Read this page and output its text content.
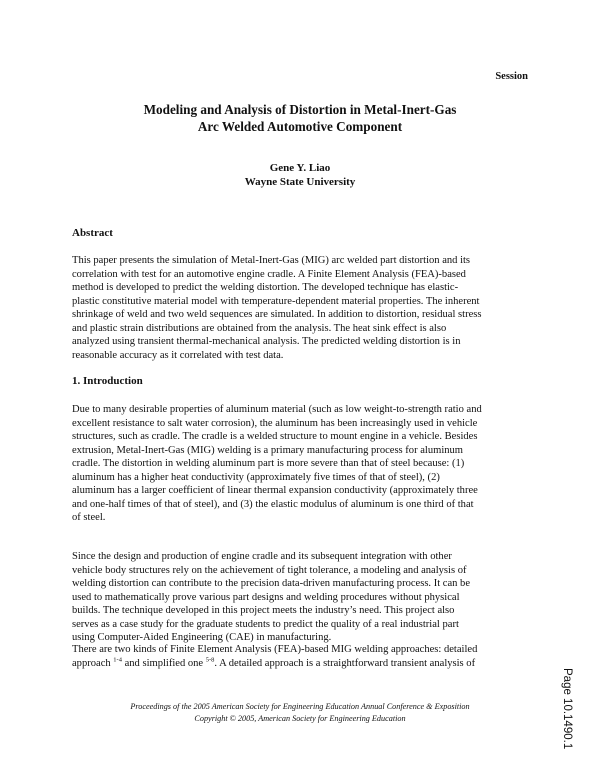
Session
Modeling and Analysis of Distortion in Metal-Inert-Gas
Arc Welded Automotive Component
Gene Y. Liao
Wayne State University
Abstract
This paper presents the simulation of Metal-Inert-Gas (MIG) arc welded part distortion and its
correlation with test for an automotive engine cradle. A Finite Element Analysis (FEA)-based
method is developed to predict the welding distortion. The developed technique has elastic-
plastic constitutive material model with temperature-dependent material properties. The inherent
shrinkage of weld and two weld sequences are simulated. In addition to distortion, residual stress
and plastic strain distributions are obtained from the analysis. The heat sink effect is also
analyzed using transient thermal-mechanical analysis. The predicted welding distortion is in
reasonable accuracy as it correlated with test data.
1. Introduction
Due to many desirable properties of aluminum material (such as low weight-to-strength ratio and
excellent resistance to salt water corrosion), the aluminum has been increasingly used in vehicle
structures, such as cradle. The cradle is a welded structure to mount engine in a vehicle. Besides
extrusion, Metal-Inert-Gas (MIG) welding is a primary manufacturing process for aluminum
cradle. The distortion in welding aluminum part is more severe than that of steel because: (1)
aluminum has a higher heat conductivity (approximately five times of that of steel), (2)
aluminum has a larger coefficient of linear thermal expansion conductivity (approximately three
and one-half times of that of steel), and (3) the elastic modulus of aluminum is one third of that
of steel.
Since the design and production of engine cradle and its subsequent integration with other
vehicle body structures rely on the achievement of tight tolerance, a modeling and analysis of
welding distortion can contribute to the precision data-driven manufacturing process. It can be
used to mathematically prove various part designs and welding procedures without physical
builds. The technique developed in this project meets the industry’s need. This project also
serves as a case study for the graduate students to predict the quality of a real industrial part
using Computer-Aided Engineering (CAE) in manufacturing.
There are two kinds of Finite Element Analysis (FEA)-based MIG welding approaches: detailed
approach $^{1-4}$ and simplified one $^{5-8}$. A detailed approach is a straightforward transient analysis of
Proceedings of the 2005 American Society for Engineering Education Annual Conference & Exposition
Copyright © 2005, American Society for Engineering Education	Page 10.1490.1
